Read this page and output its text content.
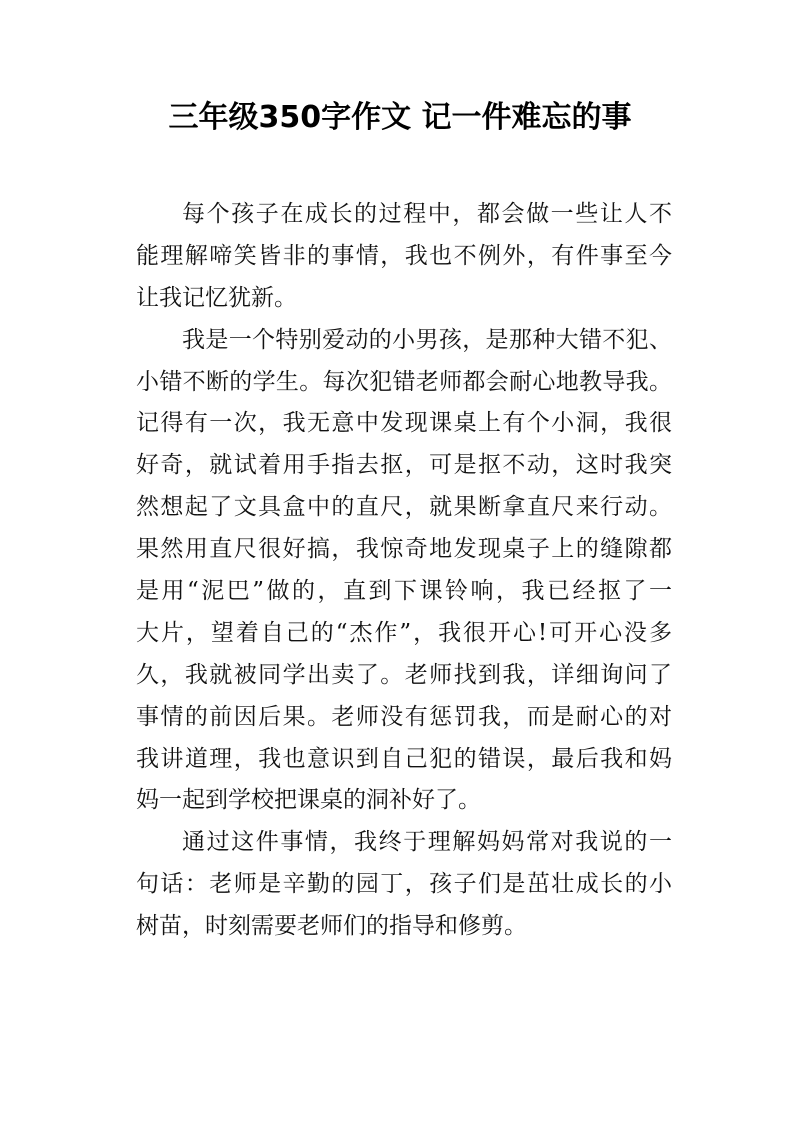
三年级350字作文 记一件难忘的事
每个孩子在成长的过程中，都会做一些让人不
能理解啼笑皆非的事情，我也不例外，有件事至今
让我记忆犹新。
我是一个特别爱动的小男孩，是那种大错不犯、
小错不断的学生。每次犯错老师都会耐心地教导我。
记得有一次，我无意中发现课桌上有个小洞，我很
好奇，就试着用手指去抠，可是抠不动，这时我突
然想起了文具盒中的直尺，就果断拿直尺来行动。
果然用直尺很好搞，我惊奇地发现桌子上的缝隙都
是用“泥巴”做的，直到下课铃响，我已经抠了一
大片，望着自己的“杰作”，我很开心!可开心没多
久，我就被同学出卖了。老师找到我，详细询问了
事情的前因后果。老师没有惩罚我，而是耐心的对
我讲道理，我也意识到自己犯的错误，最后我和妈
妈一起到学校把课桌的洞补好了。
通过这件事情，我终于理解妈妈常对我说的一
句话：老师是辛勤的园丁，孩子们是茁壮成长的小
树苗，时刻需要老师们的指导和修剪。
